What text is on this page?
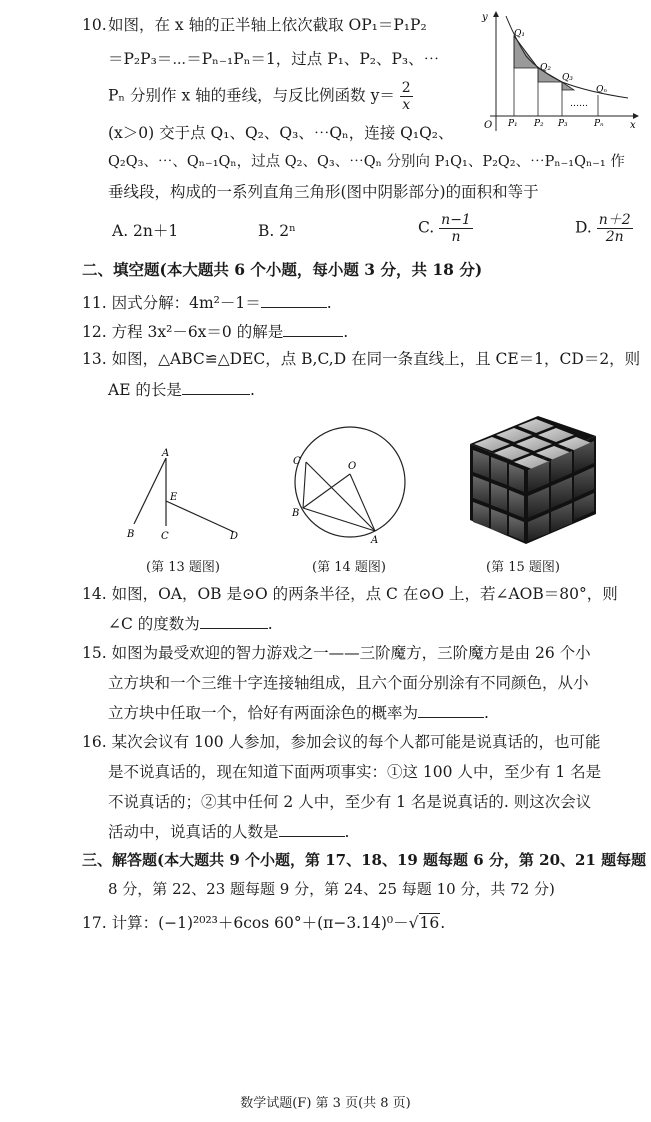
10. 如图，在 x 轴的正半轴上依次截取 OP₁＝P₁P₂
＝P₂P₃＝⋯＝Pₙ₋₁Pₙ＝1，过点 P₁、P₂、P₃、⋯
Pₙ 分别作 x 轴的垂线，与反比例函数 $y= \frac{2}{x}$
(x＞0) 交于点 Q₁、Q₂、Q₃、⋯Qₙ，连接 Q₁Q₂、
Q₂Q₃、⋯、Qₙ₋₁Qₙ，过点 Q₂、Q₃、⋯Qₙ 分别向 P₁Q₁、P₂Q₂、⋯Pₙ₋₁Qₙ₋₁ 作
垂线段，构成的一系列直角三角形(图中阴影部分)的面积和等于
A. 2n＋1	B. 2ⁿ	C. $\frac{n-1}{n}$	D. $\frac{n+2}{2n}$
y
x
O
Q₁
Q₂
Q₃
Qₙ
P₁ P₂ P₃	Pₙ
……
二、填空题(本大题共 6 个小题，每小题 3 分，共 18 分)
11. 因式分解：4m²－1＝	.
12. 方程 3x²－6x＝0 的解是	.
13. 如图，△ABC≌△DEC，点 B,C,D 在同一条直线上，且 CE＝1，CD＝2，则
AE 的长是	.
A
B	C	D
E
(第 13 题图)
C	O
B
A
(第 14 题图)	(第 15 题图)
14. 如图，OA，OB 是⊙O 的两条半径，点 C 在⊙O 上，若∠AOB＝80°，则
∠C 的度数为	.
15. 如图为最受欢迎的智力游戏之一——三阶魔方，三阶魔方是由 26 个小
立方块和一个三维十字连接轴组成，且六个面分别涂有不同颜色，从小
立方块中任取一个，恰好有两面涂色的概率为	.
16. 某次会议有 100 人参加，参加会议的每个人都可能是说真话的，也可能
是不说真话的，现在知道下面两项事实：①这 100 人中，至少有 1 名是
不说真话的；②其中任何 2 人中，至少有 1 名是说真话的. 则这次会议
活动中，说真话的人数是	.
三、解答题(本大题共 9 个小题，第 17、18、19 题每题 6 分，第 20、21 题每题
8 分，第 22、23 题每题 9 分，第 24、25 每题 10 分，共 72 分)
17. 计算：(−1)²⁰²³＋6cos 60°＋(π−3.14)⁰－√16.
数学试题(F) 第 3 页(共 8 页)
